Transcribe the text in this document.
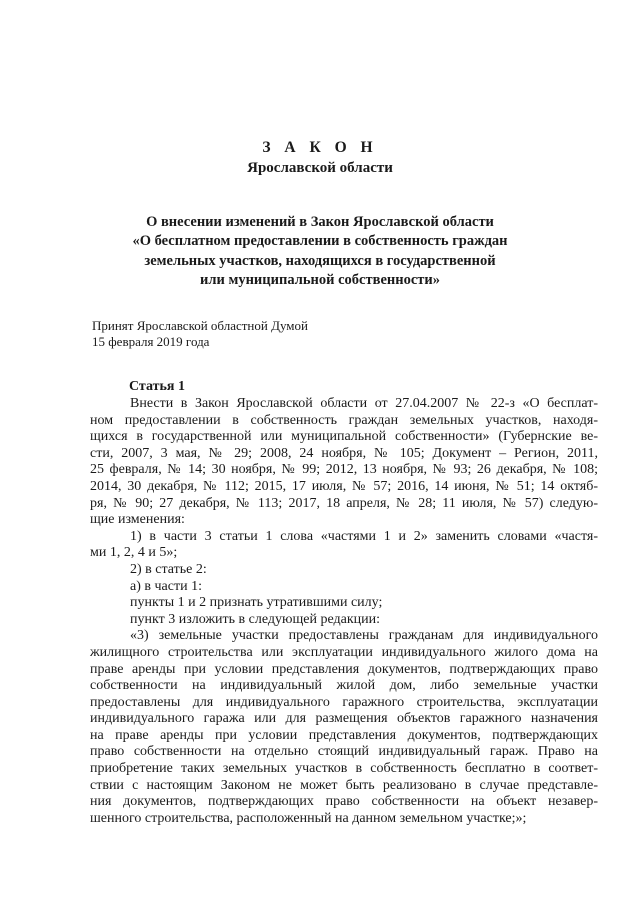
З А К О Н
Ярославской области
О внесении изменений в Закон Ярославской области
«О бесплатном предоставлении в собственность граждан
земельных участков, находящихся в государственной
или муниципальной собственности»
Принят Ярославской областной Думой
15 февраля 2019 года
Статья 1
Внести в Закон Ярославской области от 27.04.2007 № 22-з «О бесплат-
ном предоставлении в собственность граждан земельных участков, находя-
щихся в государственной или муниципальной собственности» (Губернские ве-
сти, 2007, 3 мая, № 29; 2008, 24 ноября, № 105; Документ – Регион, 2011,
25 февраля, № 14; 30 ноября, № 99; 2012, 13 ноября, № 93; 26 декабря, № 108;
2014, 30 декабря, № 112; 2015, 17 июля, № 57; 2016, 14 июня, № 51; 14 октяб-
ря, № 90; 27 декабря, № 113; 2017, 18 апреля, № 28; 11 июля, № 57) следую-
щие изменения:
1) в части 3 статьи 1 слова «частями 1 и 2» заменить словами «частя-
ми 1, 2, 4 и 5»;
2) в статье 2:
а) в части 1:
пункты 1 и 2 признать утратившими силу;
пункт 3 изложить в следующей редакции:
«3) земельные участки предоставлены гражданам для индивидуального
жилищного строительства или эксплуатации индивидуального жилого дома на
праве аренды при условии представления документов, подтверждающих право
собственности на индивидуальный жилой дом, либо земельные участки
предоставлены для индивидуального гаражного строительства, эксплуатации
индивидуального гаража или для размещения объектов гаражного назначения
на праве аренды при условии представления документов, подтверждающих
право собственности на отдельно стоящий индивидуальный гараж. Право на
приобретение таких земельных участков в собственность бесплатно в соответ-
ствии с настоящим Законом не может быть реализовано в случае представле-
ния документов, подтверждающих право собственности на объект незавер-
шенного строительства, расположенный на данном земельном участке;»;
